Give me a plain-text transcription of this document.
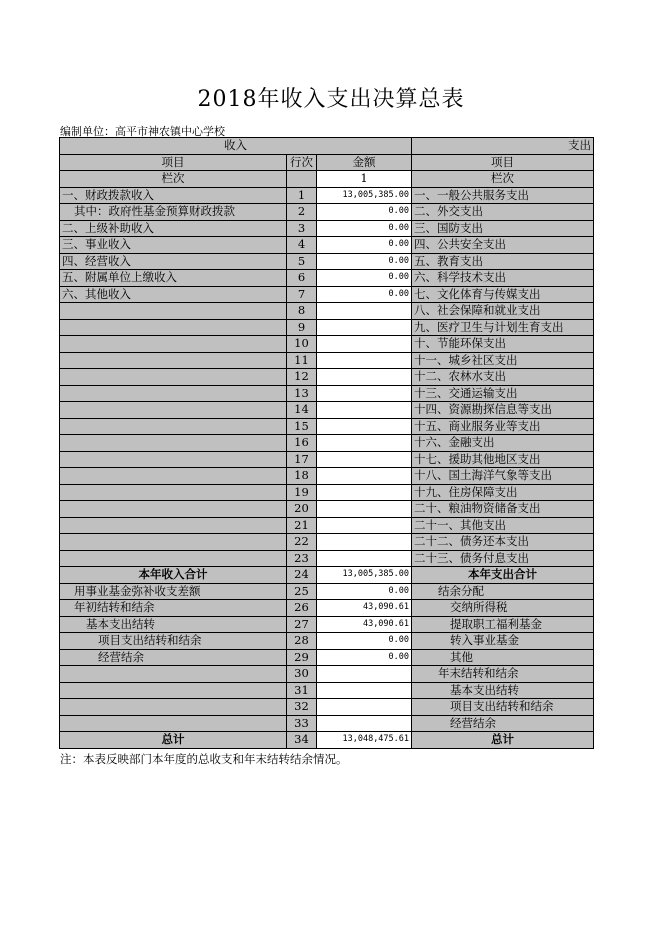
2018年收入支出决算总表
编制单位：高平市神农镇中心学校
收入			支出
项目	行次	金额	项目
栏次		1	栏次
一、财政拨款收入	1	13,005,385.00	一、一般公共服务支出
其中：政府性基金预算财政拨款	2	0.00	二、外交支出
二、上级补助收入	3	0.00	三、国防支出
三、事业收入	4	0.00	四、公共安全支出
四、经营收入	5	0.00	五、教育支出
五、附属单位上缴收入	6	0.00	六、科学技术支出
六、其他收入	7	0.00	七、文化体育与传媒支出
	8		八、社会保障和就业支出
	9		九、医疗卫生与计划生育支出
	10		十、节能环保支出
	11		十一、城乡社区支出
	12		十二、农林水支出
	13		十三、交通运输支出
	14		十四、资源勘探信息等支出
	15		十五、商业服务业等支出
	16		十六、金融支出
	17		十七、援助其他地区支出
	18		十八、国土海洋气象等支出
	19		十九、住房保障支出
	20		二十、粮油物资储备支出
	21		二十一、其他支出
	22		二十二、债务还本支出
	23		二十三、债务付息支出
本年收入合计	24	13,005,385.00	本年支出合计
用事业基金弥补收支差额	25	0.00	结余分配
年初结转和结余	26	43,090.61	交纳所得税
基本支出结转	27	43,090.61	提取职工福利基金
项目支出结转和结余	28	0.00	转入事业基金
经营结余	29	0.00	其他
	30		年末结转和结余
	31		基本支出结转
	32		项目支出结转和结余
	33		经营结余
总计	34	13,048,475.61	总计
注：本表反映部门本年度的总收支和年末结转结余情况。
